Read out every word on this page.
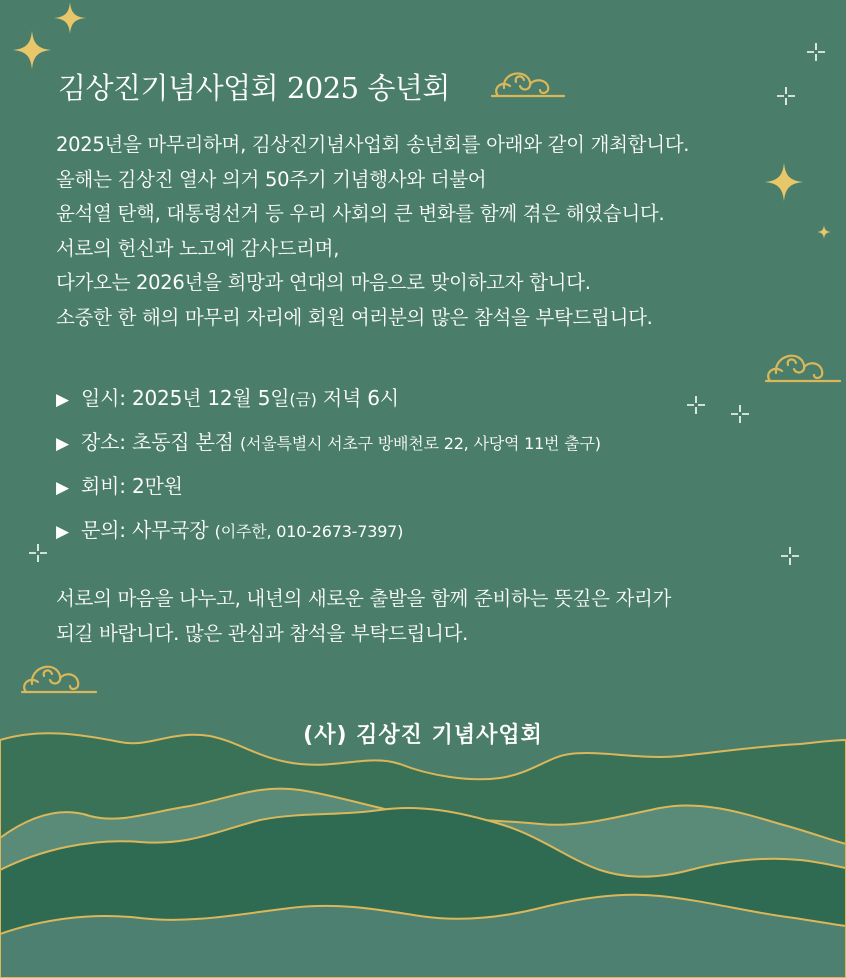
김상진기념사업회 2025 송년회

2025년을 마무리하며, 김상진기념사업회 송년회를 아래와 같이 개최합니다.

올해는 김상진 열사 의거 50주기 기념행사와 더불어

윤석열 탄핵, 대통령선거 등 우리 사회의 큰 변화를 함께 겪은 해였습니다.

서로의 헌신과 노고에 감사드리며,

다가오는 2026년을 희망과 연대의 마음으로 맞이하고자 합니다.

소중한 한 해의 마무리 자리에 회원 여러분의 많은 참석을 부탁드립니다.

▶ 일시: 2025년 12월 5일(금) 저녁 6시
▶ 장소: 초동집 본점 (서울특별시 서초구 방배천로 22, 사당역 11번 출구)
▶ 회비: 2만원
▶ 문의: 사무국장 (이주한, 010-2673-7397)

서로의 마음을 나누고, 내년의 새로운 출발을 함께 준비하는 뜻깊은 자리가

되길 바랍니다. 많은 관심과 참석을 부탁드립니다.

(사) 김상진 기념사업회
